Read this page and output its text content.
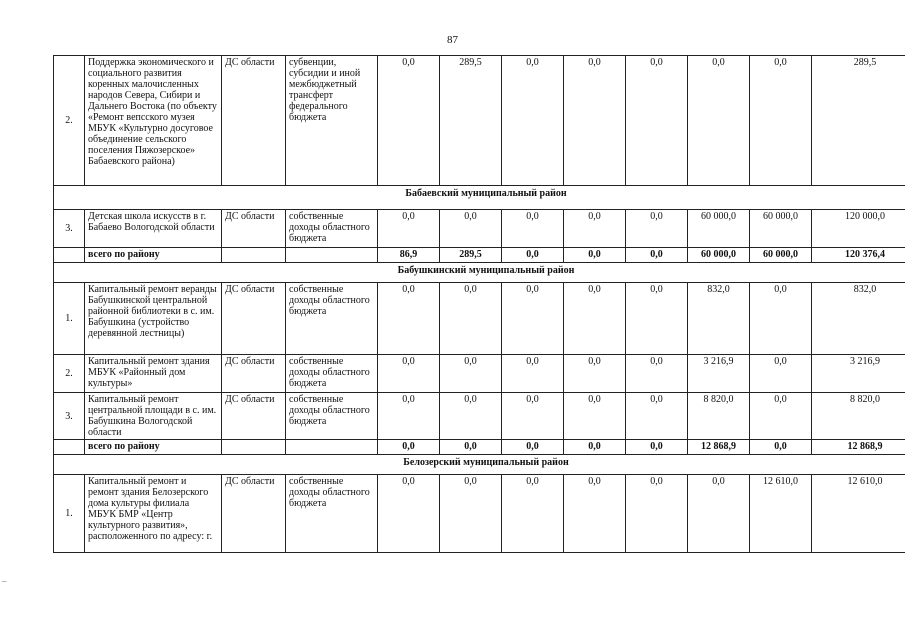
87
2.	Поддержка экономического и социального развития коренных малочисленных народов Севера, Сибири и Дальнего Востока (по объекту «Ремонт вепсского музея МБУК «Культурно досуговое объединение сельского поселения Пяжозерское» Бабаевского района)	ДС области	субвенции, субсидии и иной межбюджетный трансферт федерального бюджета	0,0	289,5	0,0	0,0	0,0	0,0	0,0	289,5
Бабаевский муниципальный район											
3.	Детская школа искусств в г. Бабаево Вологодской области	ДС области	собственные доходы областного бюджета	0,0	0,0	0,0	0,0	0,0	60 000,0	60 000,0	120 000,0
	всего по району			86,9	289,5	0,0	0,0	0,0	60 000,0	60 000,0	120 376,4
Бабушкинский муниципальный район											
1.	Капитальный ремонт веранды Бабушкинской центральной районной библиотеки в с. им. Бабушкина (устройство деревянной лестницы)	ДС области	собственные доходы областного бюджета	0,0	0,0	0,0	0,0	0,0	832,0	0,0	832,0
2.	Капитальный ремонт здания МБУК «Районный дом культуры»	ДС области	собственные доходы областного бюджета	0,0	0,0	0,0	0,0	0,0	3 216,9	0,0	3 216,9
3.	Капитальный ремонт центральной площади в с. им. Бабушкина Вологодской области	ДС области	собственные доходы областного бюджета	0,0	0,0	0,0	0,0	0,0	8 820,0	0,0	8 820,0
	всего по району			0,0	0,0	0,0	0,0	0,0	12 868,9	0,0	12 868,9
Белозерский муниципальный район											
1.	Капитальный ремонт и ремонт здания Белозерского дома культуры филиала МБУК БМР «Центр культурного развития», расположенного по адресу: г.	ДС области	собственные доходы областного бюджета	0,0	0,0	0,0	0,0	0,0	0,0	12 610,0	12 610,0
–
